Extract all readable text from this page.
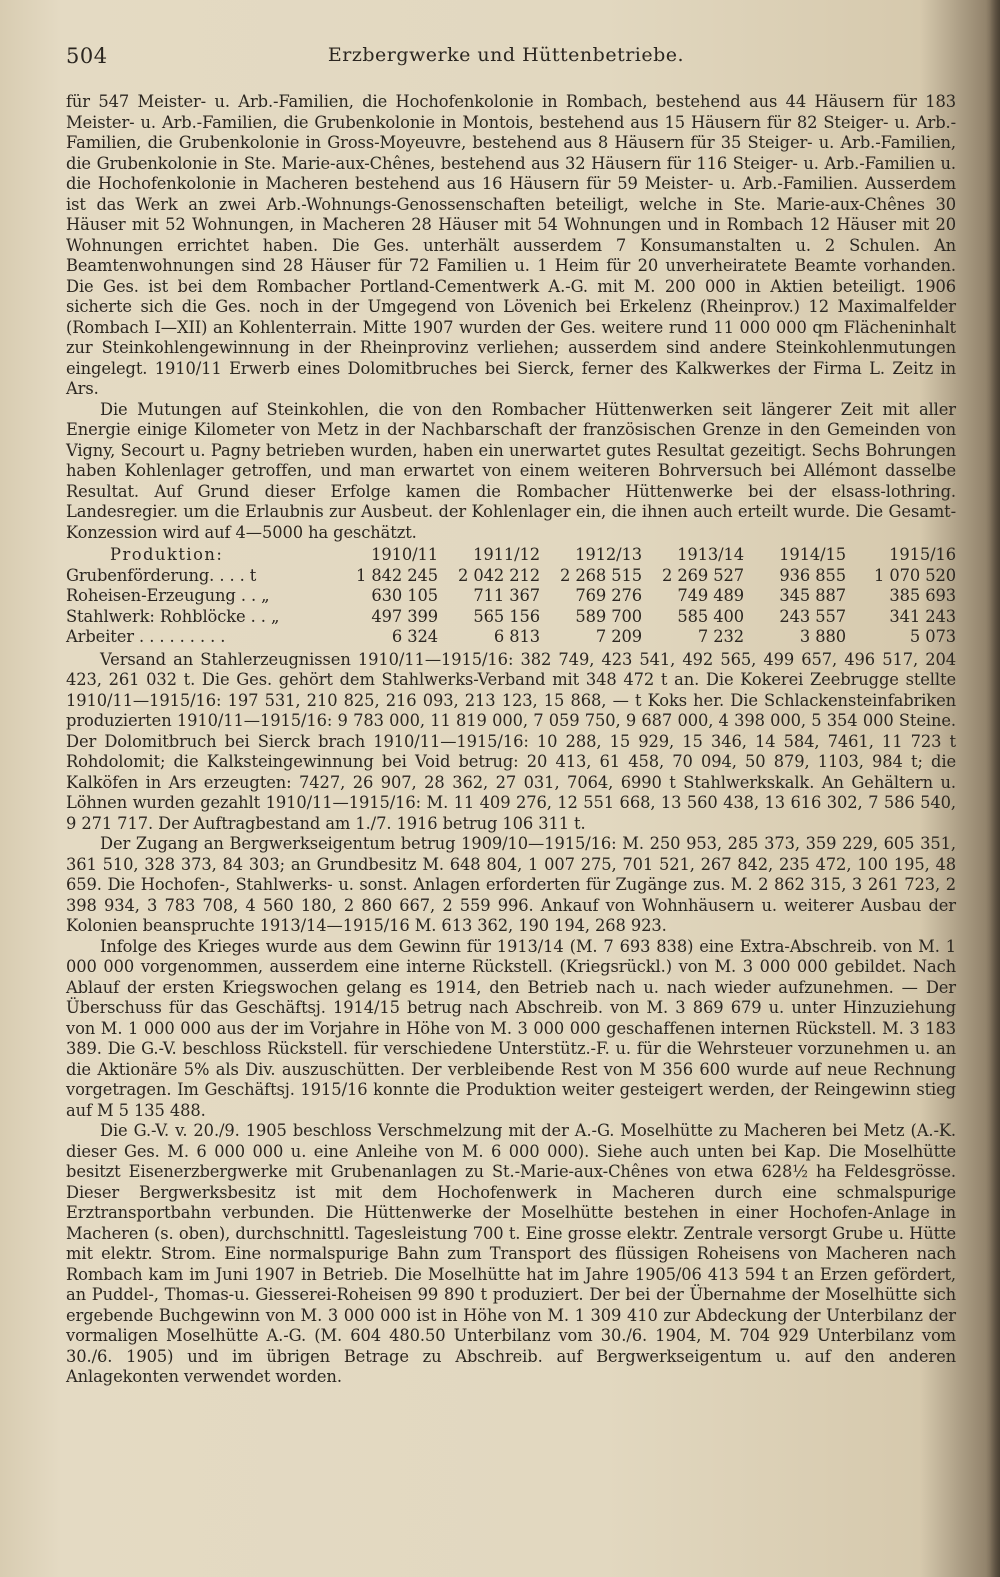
Erzbergwerke und Hüttenbetriebe.
504

für 547 Meister- u. Arb.-Familien, die Hochofenkolonie in Rombach, bestehend aus 44 Häusern für 183 Meister- u. Arb.-Familien, die Grubenkolonie in Montois, bestehend aus 15 Häusern für 82 Steiger- u. Arb.-Familien, die Grubenkolonie in Gross-Moyeuvre, bestehend aus 8 Häusern für 35 Steiger- u. Arb.-Familien, die Grubenkolonie in Ste. Marie-aux-Chênes, bestehend aus 32 Häusern für 116 Steiger- u. Arb.-Familien u. die Hochofenkolonie in Macheren bestehend aus 16 Häusern für 59 Meister- u. Arb.-Familien. Ausserdem ist das Werk an zwei Arb.-Wohnungs-Genossenschaften beteiligt, welche in Ste. Marie-aux-Chênes 30 Häuser mit 52 Wohnungen, in Macheren 28 Häuser mit 54 Wohnungen und in Rombach 12 Häuser mit 20 Wohnungen errichtet haben. Die Ges. unterhält ausserdem 7 Konsumanstalten u. 2 Schulen. An Beamtenwohnungen sind 28 Häuser für 72 Familien u. 1 Heim für 20 unverheiratete Beamte vorhanden. Die Ges. ist bei dem Rombacher Portland-Cementwerk A.-G. mit M. 200 000 in Aktien beteiligt. 1906 sicherte sich die Ges. noch in der Umgegend von Lövenich bei Erkelenz (Rheinprov.) 12 Maximalfelder (Rombach I—XII) an Kohlenterrain. Mitte 1907 wurden der Ges. weitere rund 11 000 000 qm Flächeninhalt zur Steinkohlengewinnung in der Rheinprovinz verliehen; ausserdem sind andere Steinkohlenmutungen eingelegt. 1910/11 Erwerb eines Dolomitbruches bei Sierck, ferner des Kalkwerkes der Firma L. Zeitz in Ars.

Die Mutungen auf Steinkohlen, die von den Rombacher Hüttenwerken seit längerer Zeit mit aller Energie einige Kilometer von Metz in der Nachbarschaft der französischen Grenze in den Gemeinden von Vigny, Secourt u. Pagny betrieben wurden, haben ein unerwartet gutes Resultat gezeitigt. Sechs Bohrungen haben Kohlenlager getroffen, und man erwartet von einem weiteren Bohrversuch bei Allémont dasselbe Resultat. Auf Grund dieser Erfolge kamen die Rombacher Hüttenwerke bei der elsass-lothring. Landesregier. um die Erlaubnis zur Ausbeut. der Kohlenlager ein, die ihnen auch erteilt wurde. Die Gesamt-Konzession wird auf 4—5000 ha geschätzt.

Produktion:	1910/11	1911/12	1912/13	1913/14	1914/15	1915/16
Grubenförderung. . . . t	1 842 245	2 042 212	2 268 515	2 269 527	936 855	1 070 520
Roheisen-Erzeugung . . „	630 105	711 367	769 276	749 489	345 887	385 693
Stahlwerk: Rohblöcke . . „	497 399	565 156	589 700	585 400	243 557	341 243
Arbeiter . . . . . . . . .	6 324	6 813	7 209	7 232	3 880	5 073

Versand an Stahlerzeugnissen 1910/11—1915/16: 382 749, 423 541, 492 565, 499 657, 496 517, 204 423, 261 032 t. Die Ges. gehört dem Stahlwerks-Verband mit 348 472 t an. Die Kokerei Zeebrugge stellte 1910/11—1915/16: 197 531, 210 825, 216 093, 213 123, 15 868, — t Koks her. Die Schlackensteinfabriken produzierten 1910/11—1915/16: 9 783 000, 11 819 000, 7 059 750, 9 687 000, 4 398 000, 5 354 000 Steine. Der Dolomitbruch bei Sierck brach 1910/11—1915/16: 10 288, 15 929, 15 346, 14 584, 7461, 11 723 t Rohdolomit; die Kalksteingewinnung bei Void betrug: 20 413, 61 458, 70 094, 50 879, 1103, 984 t; die Kalköfen in Ars erzeugten: 7427, 26 907, 28 362, 27 031, 7064, 6990 t Stahlwerkskalk. An Gehältern u. Löhnen wurden gezahlt 1910/11—1915/16: M. 11 409 276, 12 551 668, 13 560 438, 13 616 302, 7 586 540, 9 271 717. Der Auftragbestand am 1./7. 1916 betrug 106 311 t.

Der Zugang an Bergwerkseigentum betrug 1909/10—1915/16: M. 250 953, 285 373, 359 229, 605 351, 361 510, 328 373, 84 303; an Grundbesitz M. 648 804, 1 007 275, 701 521, 267 842, 235 472, 100 195, 48 659. Die Hochofen-, Stahlwerks- u. sonst. Anlagen erforderten für Zugänge zus. M. 2 862 315, 3 261 723, 2 398 934, 3 783 708, 4 560 180, 2 860 667, 2 559 996. Ankauf von Wohnhäusern u. weiterer Ausbau der Kolonien beanspruchte 1913/14—1915/16 M. 613 362, 190 194, 268 923.

Infolge des Krieges wurde aus dem Gewinn für 1913/14 (M. 7 693 838) eine Extra-Abschreib. von M. 1 000 000 vorgenommen, ausserdem eine interne Rückstell. (Kriegsrückl.) von M. 3 000 000 gebildet. Nach Ablauf der ersten Kriegswochen gelang es 1914, den Betrieb nach u. nach wieder aufzunehmen. — Der Überschuss für das Geschäftsj. 1914/15 betrug nach Abschreib. von M. 3 869 679 u. unter Hinzuziehung von M. 1 000 000 aus der im Vorjahre in Höhe von M. 3 000 000 geschaffenen internen Rückstell. M. 3 183 389. Die G.-V. beschloss Rückstell. für verschiedene Unterstütz.-F. u. für die Wehrsteuer vorzunehmen u. an die Aktionäre 5% als Div. auszuschütten. Der verbleibende Rest von M 356 600 wurde auf neue Rechnung vorgetragen. Im Geschäftsj. 1915/16 konnte die Produktion weiter gesteigert werden, der Reingewinn stieg auf M 5 135 488.

Die G.-V. v. 20./9. 1905 beschloss Verschmelzung mit der A.-G. Moselhütte zu Macheren bei Metz (A.-K. dieser Ges. M. 6 000 000 u. eine Anleihe von M. 6 000 000). Siehe auch unten bei Kap. Die Moselhütte besitzt Eisenerzbergwerke mit Grubenanlagen zu St.-Marie-aux-Chênes von etwa 628½ ha Feldesgrösse. Dieser Bergwerksbesitz ist mit dem Hochofenwerk in Macheren durch eine schmalspurige Erztransportbahn verbunden. Die Hüttenwerke der Moselhütte bestehen in einer Hochofen-Anlage in Macheren (s. oben), durchschnittl. Tagesleistung 700 t. Eine grosse elektr. Zentrale versorgt Grube u. Hütte mit elektr. Strom. Eine normalspurige Bahn zum Transport des flüssigen Roheisens von Macheren nach Rombach kam im Juni 1907 in Betrieb. Die Moselhütte hat im Jahre 1905/06 413 594 t an Erzen gefördert, an Puddel-, Thomas-u. Giesserei-Roheisen 99 890 t produziert. Der bei der Übernahme der Moselhütte sich ergebende Buchgewinn von M. 3 000 000 ist in Höhe von M. 1 309 410 zur Abdeckung der Unterbilanz der vormaligen Moselhütte A.-G. (M. 604 480.50 Unterbilanz vom 30./6. 1904, M. 704 929 Unterbilanz vom 30./6. 1905) und im übrigen Betrage zu Abschreib. auf Bergwerkseigentum u. auf den anderen Anlagekonten verwendet worden.
